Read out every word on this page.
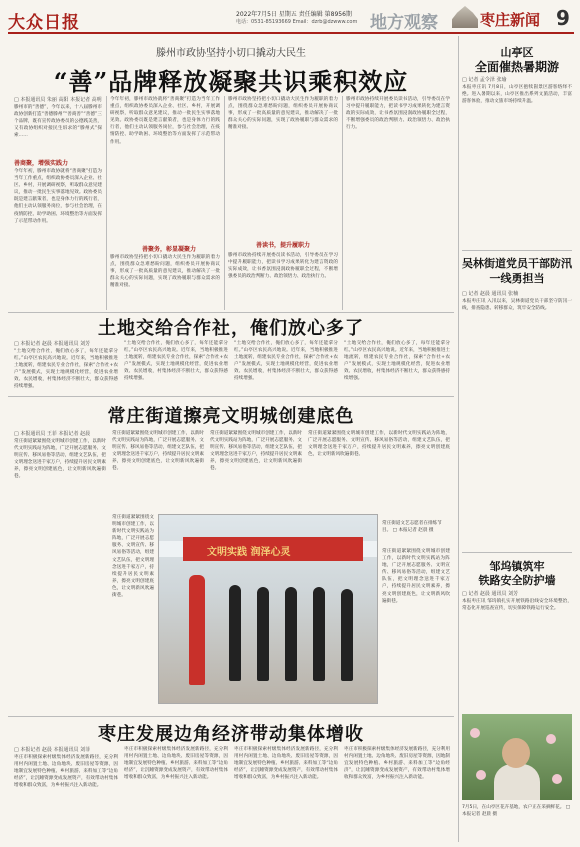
大众日报	2022年7月5日 星期五 责任编辑 第8956期
电话：0531-85193669 Email：dzrb@dzwww.com 地方观察	枣庄新闻 9
滕州市政协坚持小切口撬动大民生
“善”品牌释放凝聚共识乘积效应
□ 本报通讯员 朱丽 高阳 本报记者 高明
滕州市的“善德”，今年以来，十八届滕州市政协创新打造“善德滕州”“善商善”“善德”三个品牌，既有宣传政协委员的公德践美善，又有政协组织对接民生诉求的“滕州式”探索……
善商聚，增强实践力
今年年初，滕州市政协就将“善商聚”打造为当年工作重点，组织政协委员深入企业、社区、乡村，开展调研视察，听取群众意见建议，推动一批民生实事落地见效。政协委员既是建言献策者，也是身体力行的践行者，他们主动认领服务岗位，参与社会治理，在疫情防控、助学助困、环境整治等方面发挥了示范带动作用。
今年年初，滕州市政协就将“善商聚”打造为当年工作重点，组织政协委员深入企业、社区、乡村，开展调研视察，听取群众意见建议，推动一批民生实事落地见效。政协委员既是建言献策者，也是身体力行的践行者，他们主动认领服务岗位，参与社会治理，在疫情防控、助学助困、环境整治等方面发挥了示范带动作用。
善聚务，彰显凝聚力
滕州市政协坚持把小切口撬动大民生作为履职的着力点，围绕群众急难愁盼问题，组织委员开展协商议事，形成了一批高质量的意见建议，推动解决了一批群众关心的实际问题，实现了政协履职与群众需求的精准对接。
滕州市政协坚持把小切口撬动大民生作为履职的着力点，围绕群众急难愁盼问题，组织委员开展协商议事，形成了一批高质量的意见建议，推动解决了一批群众关心的实际问题，实现了政协履职与群众需求的精准对接。
善读书，提升履职力
滕州市政协持续开展委员读书活动，引导委员在学习中提升履职能力，把读书学习成果转化为建言资政的实际成效，让书香氛围浸润政协履职全过程，不断增强委员的政治判断力、政治领悟力、政治执行力。
滕州市政协持续开展委员读书活动，引导委员在学习中提升履职能力，把读书学习成果转化为建言资政的实际成效，让书香氛围浸润政协履职全过程，不断增强委员的政治判断力、政治领悟力、政治执行力。
土地交给合作社，俺们放心多了
□ 本报记者 赵晨 本报通讯员 刘芳
“土地交给合作社，俺们放心多了，每年还能拿分红。”山亭区农民高兴地说。近年来，当地积极推进土地流转，组建农民专业合作社，探索“合作社+农户”发展模式，实现土地规模化经营，促进农业增效、农民增收，村集体经济不断壮大，群众获得感持续增强。
“土地交给合作社，俺们放心多了，每年还能拿分红。”山亭区农民高兴地说。近年来，当地积极推进土地流转，组建农民专业合作社，探索“合作社+农户”发展模式，实现土地规模化经营，促进农业增效、农民增收，村集体经济不断壮大，群众获得感持续增强。
“土地交给合作社，俺们放心多了，每年还能拿分红。”山亭区农民高兴地说。近年来，当地积极推进土地流转，组建农民专业合作社，探索“合作社+农户”发展模式，实现土地规模化经营，促进农业增效、农民增收，村集体经济不断壮大，群众获得感持续增强。
“土地交给合作社，俺们放心多了，每年还能拿分红。”山亭区农民高兴地说。近年来，当地积极推进土地流转，组建农民专业合作社，探索“合作社+农户”发展模式，实现土地规模化经营，促进农业增效、农民增收，村集体经济不断壮大，群众获得感持续增强。
常庄街道擦亮文明城创建底色
□ 本报通讯员 王菲 本报记者 赵晨
常庄街道紧紧围绕文明城市创建工作，以新时代文明实践站为阵地，广泛开展志愿服务、文明宣传、移风易俗等活动，组建文艺队伍，把文明理念送进千家万户，持续提升居民文明素养，擦亮文明创建底色，让文明新风吹遍街巷。
常庄街道紧紧围绕文明城市创建工作，以新时代文明实践站为阵地，广泛开展志愿服务、文明宣传、移风易俗等活动，组建文艺队伍，把文明理念送进千家万户，持续提升居民文明素养，擦亮文明创建底色，让文明新风吹遍街巷。
常庄街道紧紧围绕文明城市创建工作，以新时代文明实践站为阵地，广泛开展志愿服务、文明宣传、移风易俗等活动，组建文艺队伍，把文明理念送进千家万户，持续提升居民文明素养，擦亮文明创建底色，让文明新风吹遍街巷。
常庄街道紧紧围绕文明城市创建工作，以新时代文明实践站为阵地，广泛开展志愿服务、文明宣传、移风易俗等活动，组建文艺队伍，把文明理念送进千家万户，持续提升居民文明素养，擦亮文明创建底色，让文明新风吹遍街巷。
常庄街道紧紧围绕文明城市创建工作，以新时代文明实践站为阵地，广泛开展志愿服务、文明宣传、移风易俗等活动，组建文艺队伍，把文明理念送进千家万户，持续提升居民文明素养，擦亮文明创建底色，让文明新风吹遍街巷。
文明实践 润泽心灵
常庄街道文艺志愿者在排练节目。 □ 本报记者 赵晨 摄
常庄街道紧紧围绕文明城市创建工作，以新时代文明实践站为阵地，广泛开展志愿服务、文明宣传、移风易俗等活动，组建文艺队伍，把文明理念送进千家万户，持续提升居民文明素养，擦亮文明创建底色，让文明新风吹遍街巷。
枣庄发展边角经济带动集体增收
□ 本报记者 赵晨 本报通讯员 刘菲
枣庄市积极探索村级集体经济发展新路径，充分利用村内闲置土地、边角地块、废旧房屋等资源，因地制宜发展特色种植、乡村旅游、来料加工等“边角经济”，让沉睡资源变成发展资产，有效带动村集体增收和群众致富，为乡村振兴注入新动能。
枣庄市积极探索村级集体经济发展新路径，充分利用村内闲置土地、边角地块、废旧房屋等资源，因地制宜发展特色种植、乡村旅游、来料加工等“边角经济”，让沉睡资源变成发展资产，有效带动村集体增收和群众致富，为乡村振兴注入新动能。
枣庄市积极探索村级集体经济发展新路径，充分利用村内闲置土地、边角地块、废旧房屋等资源，因地制宜发展特色种植、乡村旅游、来料加工等“边角经济”，让沉睡资源变成发展资产，有效带动村集体增收和群众致富，为乡村振兴注入新动能。
枣庄市积极探索村级集体经济发展新路径，充分利用村内闲置土地、边角地块、废旧房屋等资源，因地制宜发展特色种植、乡村旅游、来料加工等“边角经济”，让沉睡资源变成发展资产，有效带动村集体增收和群众致富，为乡村振兴注入新动能。
山亭区
全面催热暑期游
□ 记者 孟令泽 张瑜
本报枣庄讯 7月8日，山亭区抱犊崮景区游客络绎不绝。进入暑期以来，山亭区推出系列文旅活动，丰富游客体验，推动文旅市场持续升温。
吴林街道党员干部防汛一线勇担当
□ 记者 赵晨 通讯员 张楠
本报枣庄讯 入汛以来，吴林街道党员干部坚守防汛一线，排查隐患、转移群众，筑牢安全防线。
邹坞镇筑牢
铁路安全防护墙
□ 记者 赵晨 通讯员 刘芳
本报枣庄讯 邹坞镇扎实开展铁路沿线安全环境整治，常态化开展巡查宣传，切实保障铁路运行安全。
7月5日，在山亭区花卉基地，农户正在采摘鲜花。 □ 本报记者 赵晨 摄
